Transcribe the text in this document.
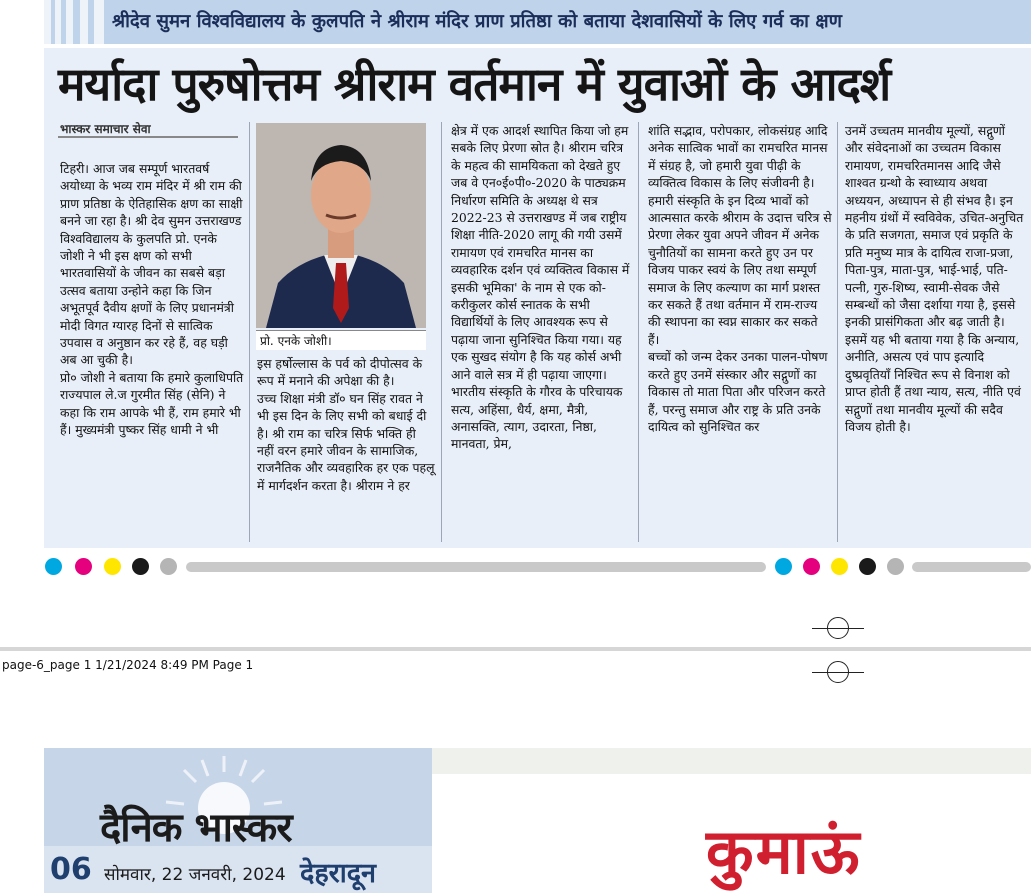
श्रीदेव सुमन विश्वविद्यालय के कुलपति ने श्रीराम मंदिर प्राण प्रतिष्ठा को बताया देशवासियों के लिए गर्व का क्षण
मर्यादा पुरुषोत्तम श्रीराम वर्तमान में युवाओं के आदर्श
भास्कर समाचार सेवा
टिहरी। आज जब सम्पूर्ण भारतवर्ष अयोध्या के भव्य राम मंदिर में श्री राम की प्राण प्रतिष्ठा के ऐतिहासिक क्षण का साक्षी बनने जा रहा है। श्री देव सुमन उत्तराखण्ड विश्वविद्यालय के कुलपति प्रो. एनके जोशी ने भी इस क्षण को सभी भारतवासियों के जीवन का सबसे बड़ा उत्सव बताया उन्होने कहा कि जिन अभूतपूर्व दैवीय क्षणों के लिए प्रधानमंत्री मोदी विगत ग्यारह दिनों से सात्विक उपवास व अनुष्ठान कर रहे हैं, वह घड़ी अब आ चुकी है।
प्रो० जोशी ने बताया कि हमारे कुलाधिपति राज्यपाल ले.ज गुरमीत सिंह (सेनि) ने कहा कि राम आपके भी हैं, राम हमारे भी हैं। मुख्यमंत्री पुष्कर सिंह धामी ने भी
प्रो. एनके जोशी।
इस हर्षोल्लास के पर्व को दीपोत्सव के रूप में मनाने की अपेक्षा की है।
उच्च शिक्षा मंत्री डॉ० घन सिंह रावत ने भी इस दिन के लिए सभी को बधाई दी है। श्री राम का चरित्र सिर्फ भक्ति ही नहीं वरन हमारे जीवन के सामाजिक, राजनैतिक और व्यवहारिक हर एक पहलू में मार्गदर्शन करता है। श्रीराम ने हर
क्षेत्र में एक आदर्श स्थापित किया जो हम सबके लिए प्रेरणा स्रोत है। श्रीराम चरित्र के महत्व की सामयिकता को देखते हुए जब वे एन०ई०पी०-2020 के पाठ्यक्रम निर्धारण समिति के अध्यक्ष थे सत्र 2022-23 से उत्तराखण्ड में जब राष्ट्रीय शिक्षा नीति-2020 लागू की गयी उसमें रामायण एवं रामचरित मानस का व्यवहारिक दर्शन एवं व्यक्तित्व विकास में इसकी भूमिका' के नाम से एक को-करीकुलर कोर्स स्नातक के सभी विद्यार्थियों के लिए आवश्यक रूप से पढ़ाया जाना सुनिश्चित किया गया। यह एक सुखद संयोग है कि यह कोर्स अभी आने वाले सत्र में ही पढ़ाया जाएगा। भारतीय संस्कृति के गौरव के परिचायक सत्य, अहिंसा, धैर्य, क्षमा, मैत्री, अनासक्ति, त्याग, उदारता, निष्ठा, मानवता, प्रेम,
शांति सद्भाव, परोपकार, लोकसंग्रह आदि अनेक सात्विक भावों का रामचरित मानस में संग्रह है, जो हमारी युवा पीढ़ी के व्यक्तित्व विकास के लिए संजीवनी है। हमारी संस्कृति के इन दिव्य भावों को आत्मसात करके श्रीराम के उदात्त चरित्र से प्रेरणा लेकर युवा अपने जीवन में अनेक चुनौतियों का सामना करते हुए उन पर विजय पाकर स्वयं के लिए तथा सम्पूर्ण समाज के लिए कल्याण का मार्ग प्रशस्त कर सकते हैं तथा वर्तमान में राम-राज्य की स्थापना का स्वप्न साकार कर सकते हैं।
बच्चों को जन्म देकर उनका पालन-पोषण करते हुए उनमें संस्कार और सद्गुणों का विकास तो माता पिता और परिजन करते हैं, परन्तु समाज और राष्ट्र के प्रति उनके दायित्व को सुनिश्चित कर
उनमें उच्चतम मानवीय मूल्यों, सद्गुणों और संवेदनाओं का उच्चतम विकास रामायण, रामचरितमानस आदि जैसे शाश्वत ग्रन्थो के स्वाध्याय अथवा अध्ययन, अध्यापन से ही संभव है। इन महनीय ग्रंथों में स्वविवेक, उचित-अनुचित के प्रति सजगता, समाज एवं प्रकृति के प्रति मनुष्य मात्र के दायित्व राजा-प्रजा, पिता-पुत्र, माता-पुत्र, भाई-भाई, पति-पत्नी, गुरु-शिष्य, स्वामी-सेवक जैसे सम्बन्धों को जैसा दर्शाया गया है, इससे इनकी प्रासंगिकता और बढ़ जाती है। इसमें यह भी बताया गया है कि अन्याय, अनीति, असत्य एवं पाप इत्यादि दुष्प्रवृतियाँ निश्चित रूप से विनाश को प्राप्त होती हैं तथा न्याय, सत्य, नीति एवं सद्गुणों तथा मानवीय मूल्यों की सदैव विजय होती है।
page-6_page 1 1/21/2024 8:49 PM Page 1
दैनिक भास्कर
06 सोमवार, 22 जनवरी, 2024 देहरादून	कुमाऊं
